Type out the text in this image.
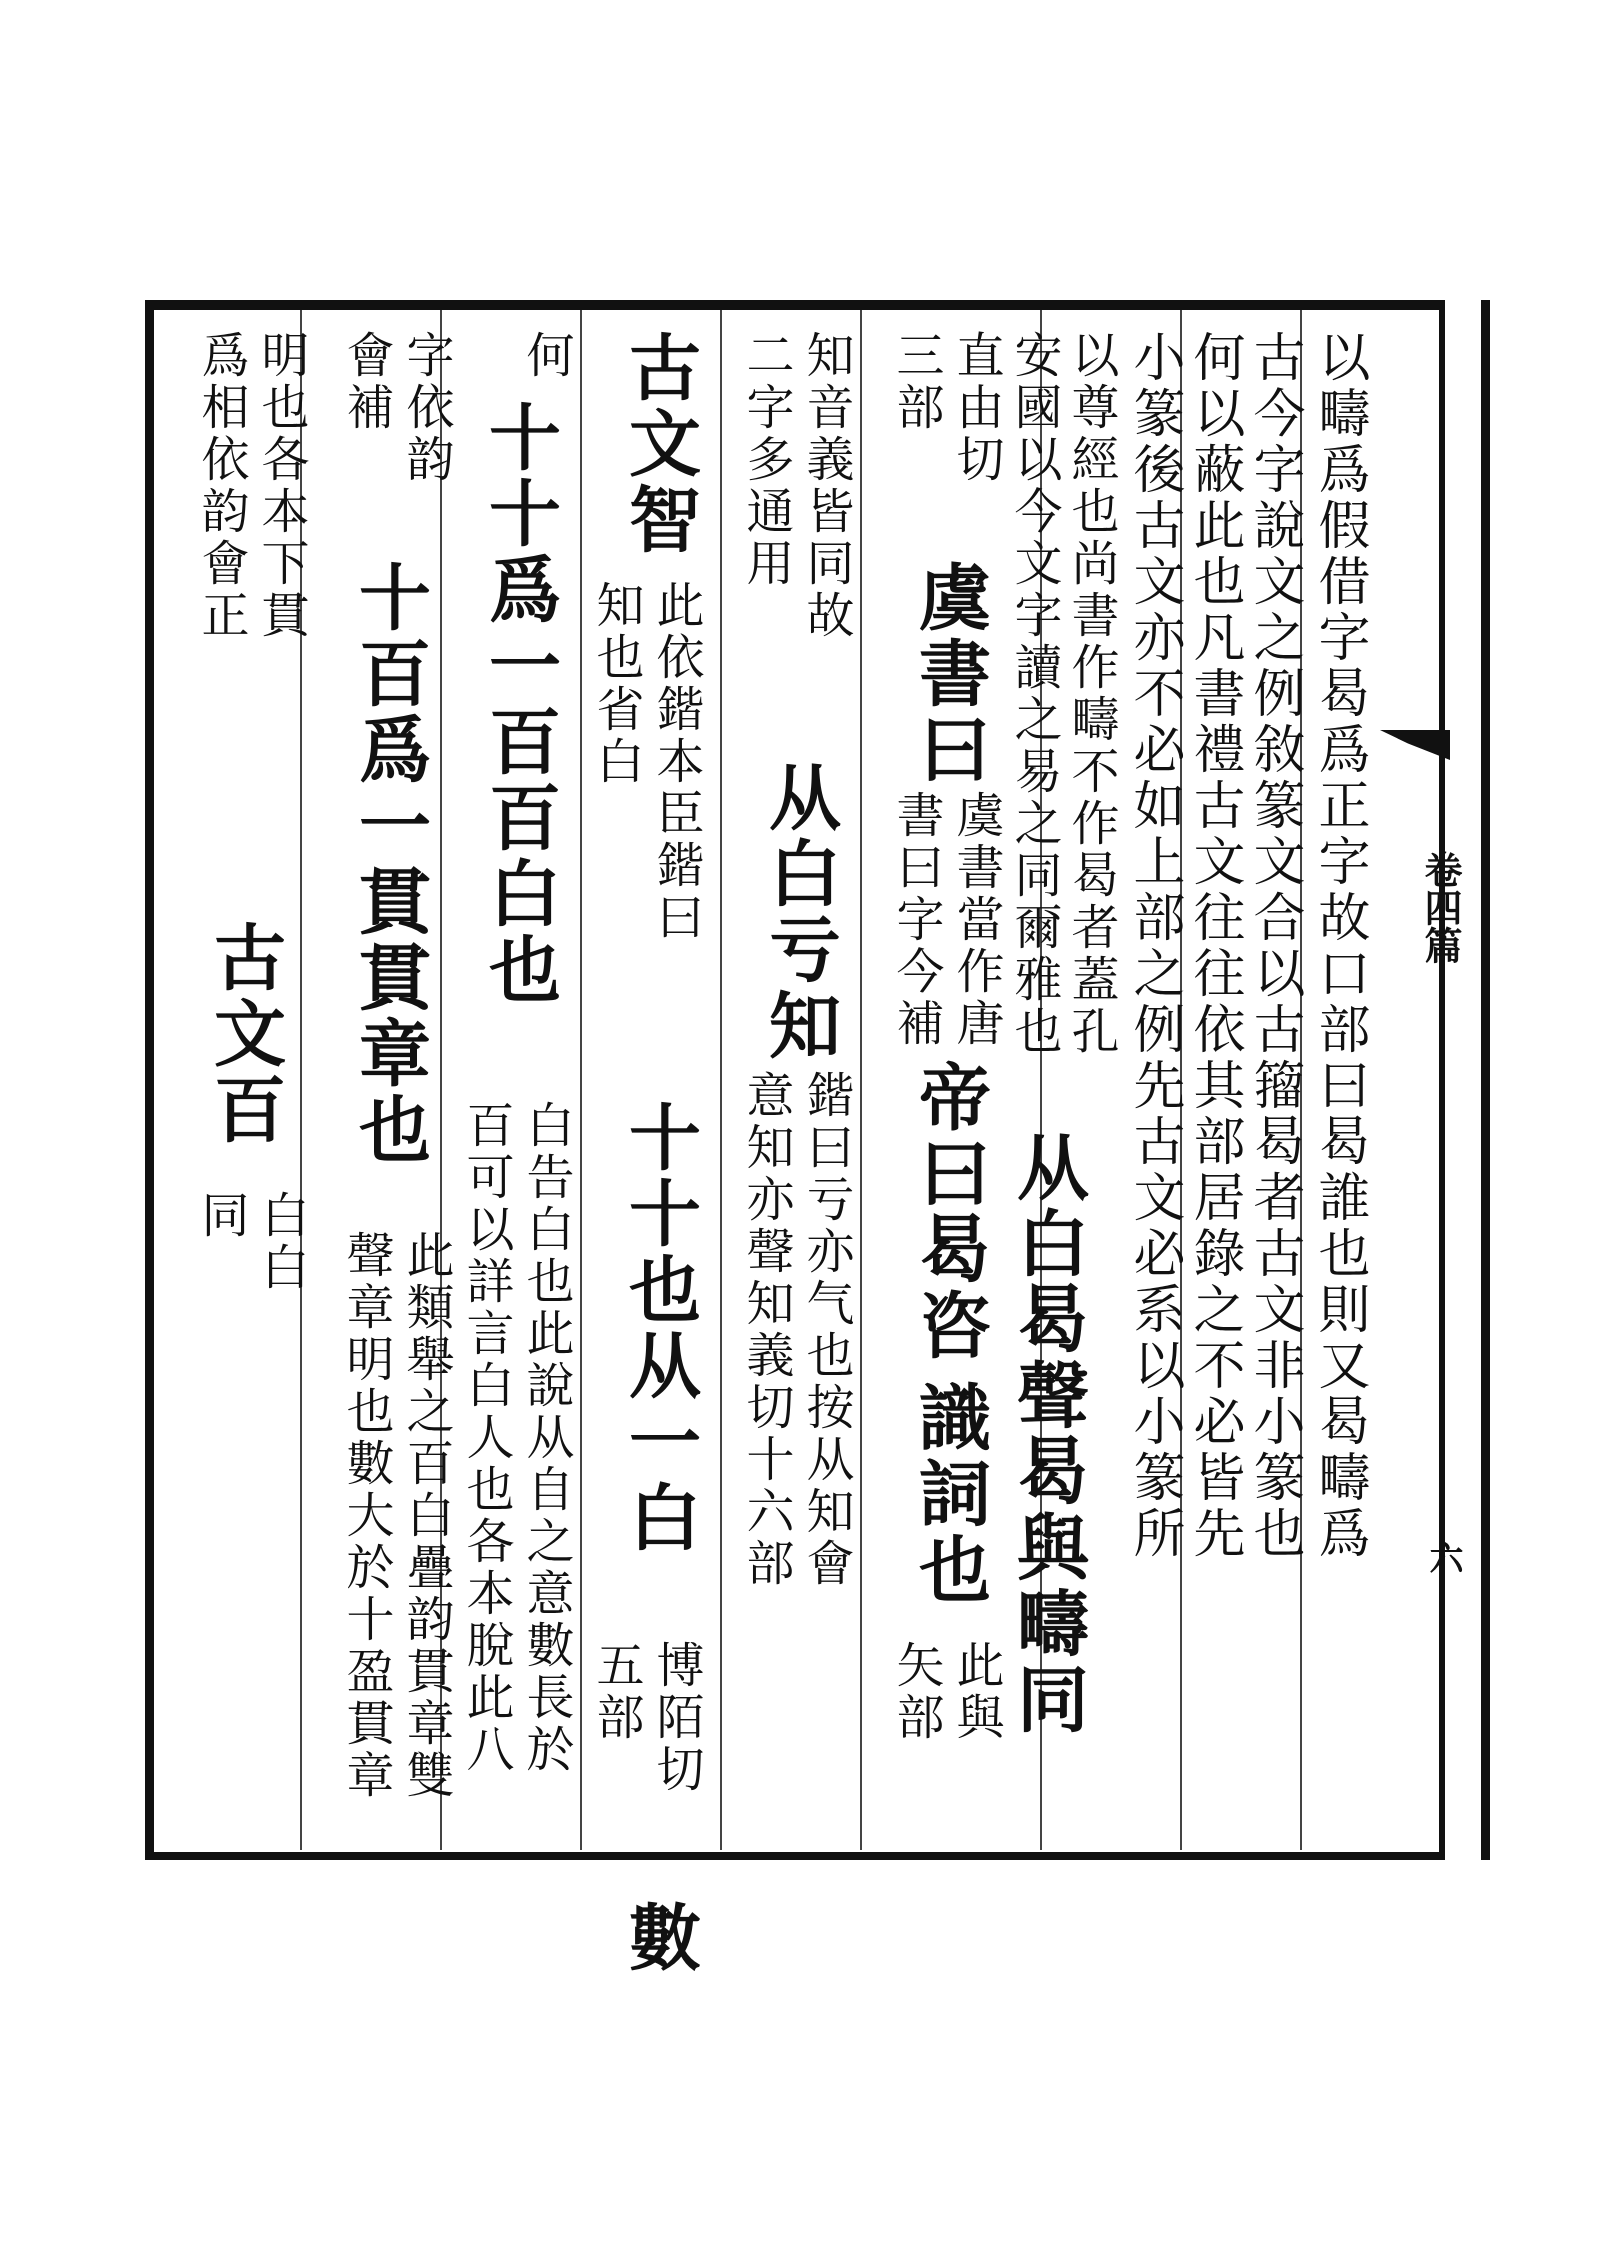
卷四篇
六
以疇爲假借字曷爲正字故口部曰曷誰也則又曷疇爲
古今字說文之例敘篆文合以古籀曷者古文非小篆也
何以蔽此也凡書禮古文往往依其部居錄之不必皆先
小篆後古文亦不必如上部之例先古文必系以小篆所
以尊經也尚書作疇不作曷者蓋孔
安國以今文字讀之易之同爾雅也
从白曷聲曷與疇同
直由切
三部
虞書曰
虞書當作唐
書曰字今補
帝曰曷咨
識詞也
此與
矢部
知音義皆同故
二字多通用
从白亏知
鍇曰亏亦气也按从知會
意知亦聲知義切十六部
古文智
此依鍇本臣鍇曰
知也省白
十十也从一白
博陌切
五部
數
何
十十爲一百百白也
白告白也此說从自之意數長於
百可以詳言白人也各本脫此八
字依韵
會補
十百爲一貫貫章也
此類舉之百白疊韵貫章雙
聲章明也數大於十盈貫章
明也各本下貫
爲相依韵會正
古文百
白白
同
